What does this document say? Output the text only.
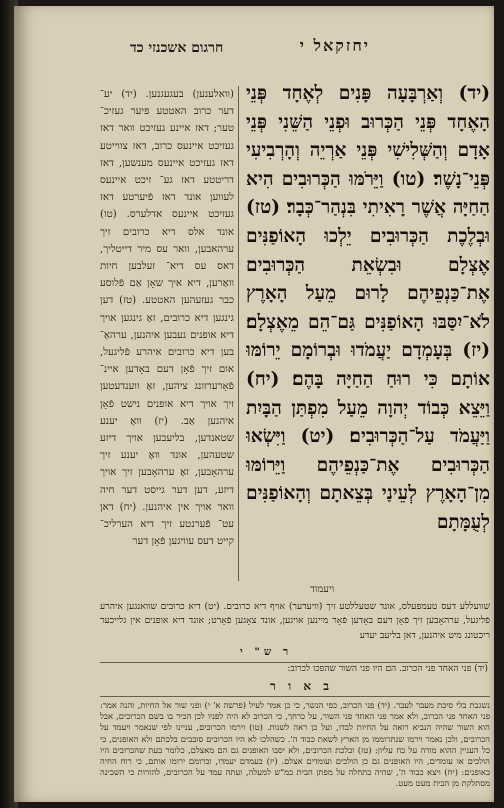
חרגום אשכנזי כד	יחזקאל י

(וואלענען) בעגעגנען. (יד) יע־ דער כרוב האטטע פיער געזיכ־ טער; דאז איינע געזיכט וואר דאז געזיכט איינעס כרוב, דאז צווייטע דאז געזיכט איינעס מענשען, דאז דריטטע דאז גע־ זיכט איינעס לעווען אונד דאז פֿיערטע דאז געזיכט איינעס אדלערס. (טו) אונד אלס דיא כרובים זיך ערהאבען, וואר עס מיר דייטליך, דאס עס דיא־ זעלבען חיות וואַרען, דיא איך שאָן אַם פֿלוסע כבר געזעהען האטטע. (טז) דען גינגען דיא כרובים, זאָ גינגען אויך דיא אופנים נעבען איהנען, ערהאָ־ בען דיא כרובים איהרע פֿליגעל, אום זיך פֿאָן דעם באָדען איינ־ פֿאָרערזונג ציהען, זאָ ווענדעטען זיך אויך דיא אופנים נישט פֿאָן איהנען אַב. (יז) וואָ יענע שטאנדען, בליעבען אויך דיזע שטעהען, אונד וואָ יענע זיך ערהאָבען, זאָ ערהאָבען זיך אויך דיזע, דען דער גייסט דער חיה וואר אויך אין איהנען. (יח) דאן עט־ פֿערנטע זיך דיא הערליכ־ קייט דעס עוויגען פֿאָן דער

(יד) וְאַרְבָּעָה פָּנִים לְאֶחָד פְּנֵי הָאֶחָד פְּנֵי הַכְּרוּב וּפְנֵי הַשֵּׁנִי פְּנֵי אָדָם וְהַשְּׁלִישִׁי פְּנֵי אַרְיֵה וְהָרְבִיעִי פְּנֵי־נָשֶׁר׃ (טו) וַיֵּרֹמּוּ הַכְּרוּבִים הִיא הַחַיָּה אֲשֶׁר רָאִיתִי בִּנְהַר־כְּבָר׃ (טז) וּבְלֶכֶת הַכְּרוּבִים יֵלְכוּ הָאוֹפַנִּים אֶצְלָם וּבִשְׂאֵת הַכְּרוּבִים אֶת־כַּנְפֵיהֶם לָרוּם מֵעַל הָאָרֶץ לֹא־יִסַּבּוּ הָאוֹפַנִּים גַּם־הֵם מֵאֶצְלָם׃ (יז) בְּעָמְדָם יַעֲמֹדוּ וּבְרוֹמָם יֵרוֹמּוּ אוֹתָם כִּי רוּחַ הַחַיָּה בָּהֶם׃ (יח) וַיֵּצֵא כְּבוֹד יְהוָה מֵעַל מִפְתַּן הַבָּיִת וַיַּעֲמֹד עַל־הַכְּרוּבִים׃ (יט) וַיִּשְׂאוּ הַכְּרוּבִים אֶת־כַּנְפֵיהֶם וַיֵּרוֹמּוּ מִן־הָאָרֶץ לְעֵינַי בְּצֵאתָם וְהָאוֹפַנִּים לְעֻמָּתָם

ויעמוד

שוועללע דעס טעמפעלס, אונד שטעללטע זיך (וויעדער) אויף דיא כרובים. (יט) דיא כרובים שוואנגען איהרע פֿליגעל, ערהאָבען זיך פֿאָן דעם באָדען פֿאָר מיינען אויגען, אונד צאָגען פֿאָרט; אונד דיא אופנים אין גלייכער ריכטונג מיט איהנען, דאן בליעב יעדע

ר ש" י
(יד) פני האחד פני הכרוב. הם היו פני השור שהפכו לכרוב:
ב א ו ר

נשגבת בלי סיבת מעבר לעבר. (יד) פני הכרוב, כפי הנשר, כי כן אמר לעיל (פרשה א' י) ופני שור אל החיות, והנה אמר: פני האחד פני הכרוב, ולא אמר פני האחד פני השור, על כרחך, כי הכרוב לא היה לפניו לכן הכיר בו בשם הכרובים, אבל הוא השור שהיה הנביא רואה על החיות לבדו, ועל כן ראה לשנות. (טו) וירמו הכרובים, עניינו לפי שנאמר ויעמד על הכרובים, ולכן נאמר וירמו שנתרוממו מן הארץ לשאת כבוד ה'. כשהלכו לא היו הכרובים סובבים בלכתם ולא האופנים, כי כל העניין ההוא מורה על כח עליון: (טז) ובלכת הכרובים, ולא יסבו האופנים גם הם מאצלם, כלומר בעת שהכרובים היו הולכים או עומדים, היו האופנים גם כן הולכים ועומדים אצלם. (יז) בעמדם יעמדו, וברומם ירומו אותם, כי רוח החיה באופנים: (יח) ויצא כבוד ה', שהיה בתחלה על מפתן הבית כמ"ש למעלה, ועתה עמד על הכרובים, להורות כי השכינה מסתלקת מן הבית מעט מעט.
